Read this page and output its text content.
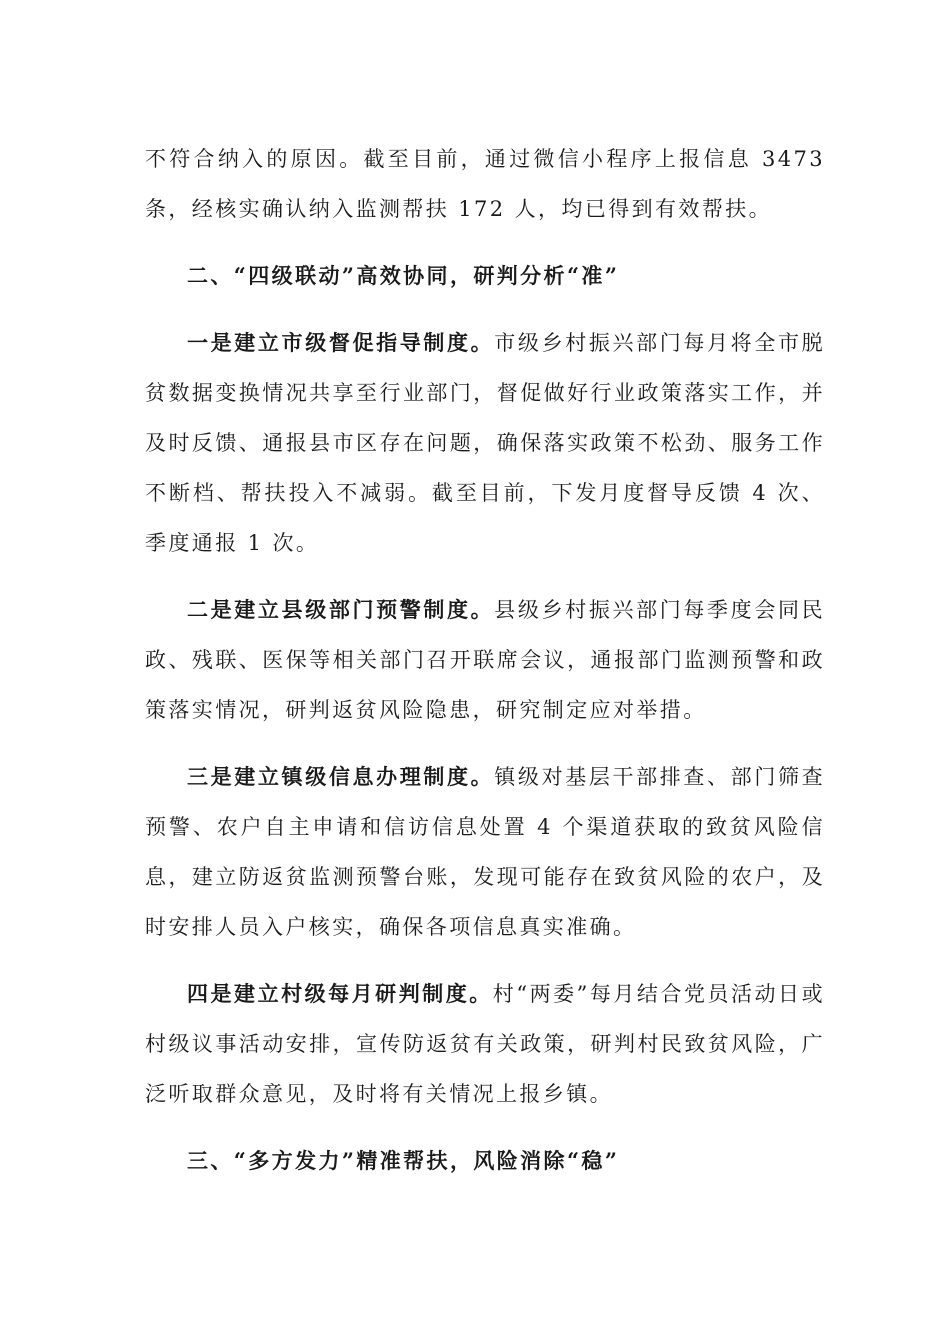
不符合纳入的原因。截至目前，通过微信小程序上报信息 3473 条，经核实确认纳入监测帮扶 172 人，均已得到有效帮扶。

二、“四级联动”高效协同，研判分析“准”

一是建立市级督促指导制度。市级乡村振兴部门每月将全市脱贫数据变换情况共享至行业部门，督促做好行业政策落实工作，并及时反馈、通报县市区存在问题，确保落实政策不松劲、服务工作不断档、帮扶投入不减弱。截至目前，下发月度督导反馈 4 次、季度通报 1 次。

二是建立县级部门预警制度。县级乡村振兴部门每季度会同民政、残联、医保等相关部门召开联席会议，通报部门监测预警和政策落实情况，研判返贫风险隐患，研究制定应对举措。

三是建立镇级信息办理制度。镇级对基层干部排查、部门筛查预警、农户自主申请和信访信息处置 4 个渠道获取的致贫风险信息，建立防返贫监测预警台账，发现可能存在致贫风险的农户，及时安排人员入户核实，确保各项信息真实准确。

四是建立村级每月研判制度。村“两委”每月结合党员活动日或村级议事活动安排，宣传防返贫有关政策，研判村民致贫风险，广泛听取群众意见，及时将有关情况上报乡镇。

三、“多方发力”精准帮扶，风险消除“稳”
